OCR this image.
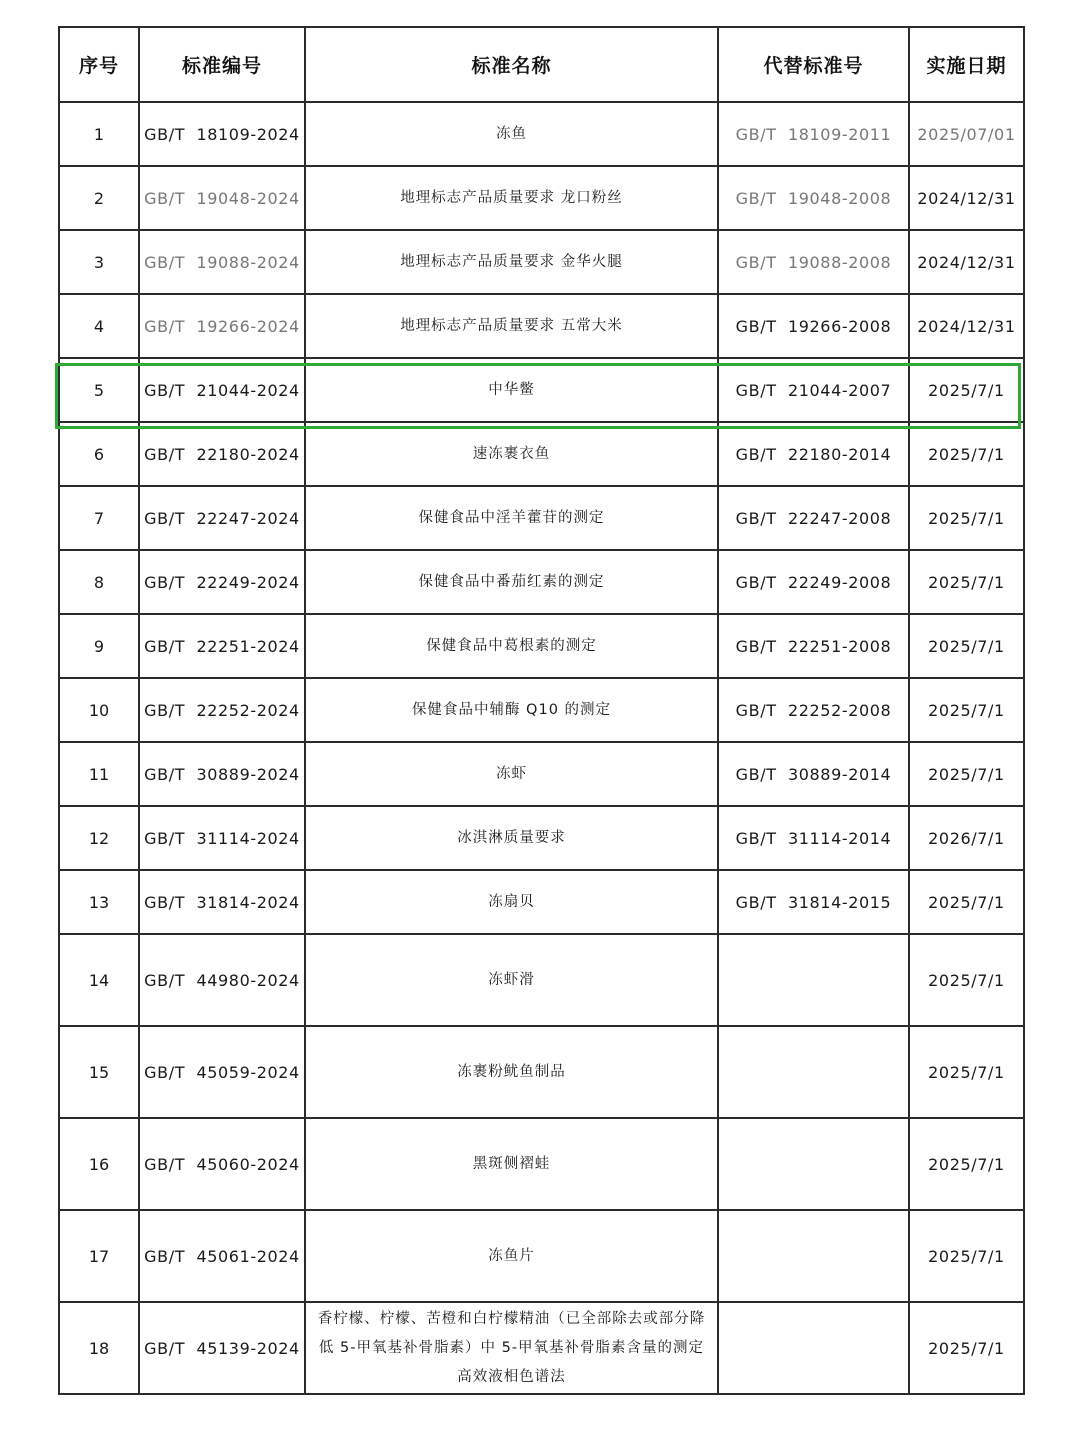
序号	标准编号	标准名称	代替标准号	实施日期
1	GB/T  18109-2024	冻鱼	GB/T  18109-2011	2025/07/01
2	GB/T  19048-2024	地理标志产品质量要求 龙口粉丝	GB/T  19048-2008	2024/12/31
3	GB/T  19088-2024	地理标志产品质量要求 金华火腿	GB/T  19088-2008	2024/12/31
4	GB/T  19266-2024	地理标志产品质量要求 五常大米	GB/T  19266-2008	2024/12/31
5	GB/T  21044-2024	中华鳖	GB/T  21044-2007	2025/7/1
6	GB/T  22180-2024	速冻裹衣鱼	GB/T  22180-2014	2025/7/1
7	GB/T  22247-2024	保健食品中淫羊藿苷的测定	GB/T  22247-2008	2025/7/1
8	GB/T  22249-2024	保健食品中番茄红素的测定	GB/T  22249-2008	2025/7/1
9	GB/T  22251-2024	保健食品中葛根素的测定	GB/T  22251-2008	2025/7/1
10	GB/T  22252-2024	保健食品中辅酶 Q10 的测定	GB/T  22252-2008	2025/7/1
11	GB/T  30889-2024	冻虾	GB/T  30889-2014	2025/7/1
12	GB/T  31114-2024	冰淇淋质量要求	GB/T  31114-2014	2026/7/1
13	GB/T  31814-2024	冻扇贝	GB/T  31814-2015	2025/7/1
14	GB/T  44980-2024	冻虾滑		2025/7/1
15	GB/T  45059-2024	冻裹粉鱿鱼制品		2025/7/1
16	GB/T  45060-2024	黑斑侧褶蛙		2025/7/1
17	GB/T  45061-2024	冻鱼片		2025/7/1
18	GB/T  45139-2024	香柠檬、柠檬、苦橙和白柠檬精油（已全部除去或部分降
低 5-甲氧基补骨脂素）中 5-甲氧基补骨脂素含量的测定
高效液相色谱法		2025/7/1
